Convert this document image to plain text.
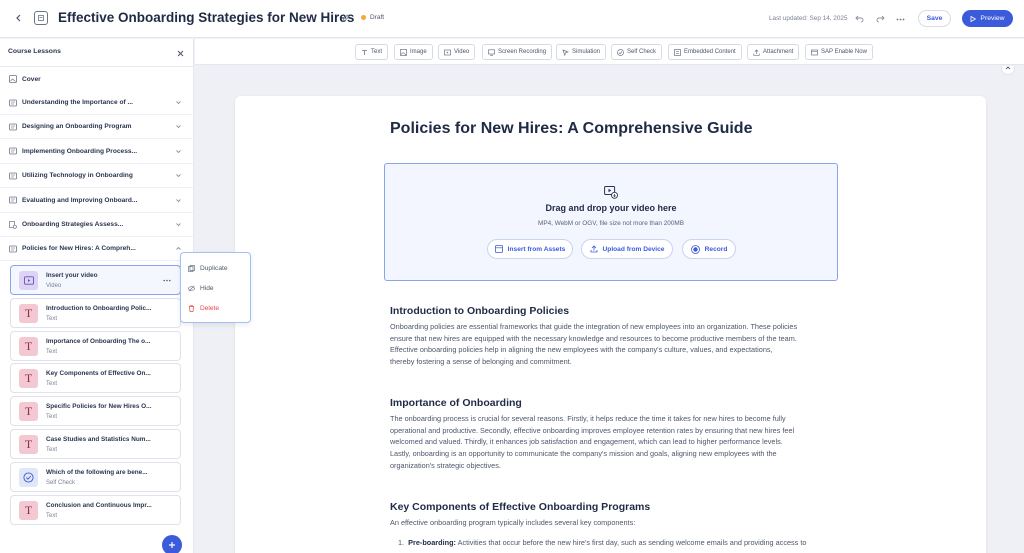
Effective Onboarding Strategies for New Hires Draft	Last updated: Sep 14, 2025	Save	Preview
Course Lessons
Cover
Understanding the Importance of ...
Designing an Onboarding Program
Implementing Onboarding Process...
Utilizing Technology in Onboarding
Evaluating and Improving Onboard...
Onboarding Strategies Assess...
Policies for New Hires: A Compreh...
Insert your video
Video
T	Introduction to Onboarding Polic...
Text
T	Importance of Onboarding The o...
Text
T	Key Components of Effective On...
Text
T	Specific Policies for New Hires O...
Text
T	Case Studies and Statistics Num...
Text
Which of the following are bene...
Self Check
T	Conclusion and Continuous Impr...
Text
Duplicate
Hide
Delete
Text	Image	Video	Screen Recording	Simulation	Self Check	Embedded Content	Attachment	SAP Enable Now
Policies for New Hires: A Comprehensive Guide
Drag and drop your video here
MP4, WebM or OGV, file size not more than 200MB
Insert from Assets	Upload from Device	Record
Introduction to Onboarding Policies
Onboarding policies are essential frameworks that guide the integration of new employees into an organization. These policies
ensure that new hires are equipped with the necessary knowledge and resources to become productive members of the team.
Effective onboarding policies help in aligning the new employees with the company's culture, values, and expectations,
thereby fostering a sense of belonging and commitment.
Importance of Onboarding
The onboarding process is crucial for several reasons. Firstly, it helps reduce the time it takes for new hires to become fully
operational and productive. Secondly, effective onboarding improves employee retention rates by ensuring that new hires feel
welcomed and valued. Thirdly, it enhances job satisfaction and engagement, which can lead to higher performance levels.
Lastly, onboarding is an opportunity to communicate the company's mission and goals, aligning new employees with the
organization's strategic objectives.
Key Components of Effective Onboarding Programs
An effective onboarding program typically includes several key components:
1. Pre-boarding: Activities that occur before the new hire's first day, such as sending welcome emails and providing access to
